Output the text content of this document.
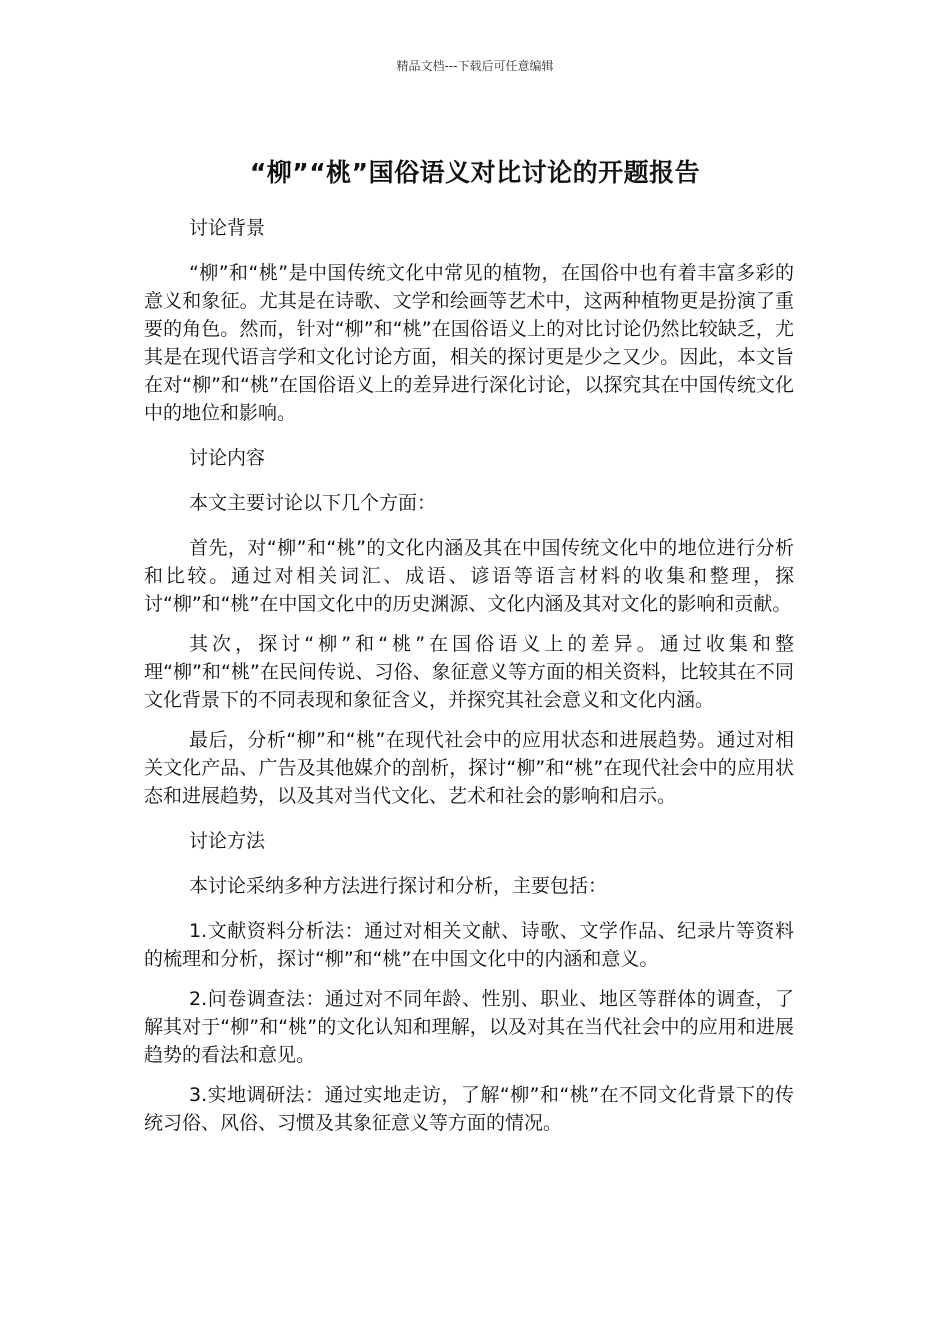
精品文档---下载后可任意编辑
“柳”“桃”国俗语义对比讨论的开题报告
讨论背景

“柳”和“桃”是中国传统文化中常见的植物，在国俗中也有着丰富多彩的意义和象征。尤其是在诗歌、文学和绘画等艺术中，这两种植物更是扮演了重要的角色。然而，针对“柳”和“桃”在国俗语义上的对比讨论仍然比较缺乏，尤其是在现代语言学和文化讨论方面，相关的探讨更是少之又少。因此，本文旨在对“柳”和“桃”在国俗语义上的差异进行深化讨论，以探究其在中国传统文化中的地位和影响。

讨论内容

本文主要讨论以下几个方面：

首先，对“柳”和“桃”的文化内涵及其在中国传统文化中的地位进行分析和比较。通过对相关词汇、成语、谚语等语言材料的收集和整理，探讨“柳”和“桃”在中国文化中的历史渊源、文化内涵及其对文化的影响和贡献。

其次，探讨“柳”和“桃”在国俗语义上的差异。通过收集和整理“柳”和“桃”在民间传说、习俗、象征意义等方面的相关资料，比较其在不同文化背景下的不同表现和象征含义，并探究其社会意义和文化内涵。

最后，分析“柳”和“桃”在现代社会中的应用状态和进展趋势。通过对相关文化产品、广告及其他媒介的剖析，探讨“柳”和“桃”在现代社会中的应用状态和进展趋势，以及其对当代文化、艺术和社会的影响和启示。

讨论方法

本讨论采纳多种方法进行探讨和分析，主要包括：

1.文献资料分析法：通过对相关文献、诗歌、文学作品、纪录片等资料的梳理和分析，探讨“柳”和“桃”在中国文化中的内涵和意义。

2.问卷调查法：通过对不同年龄、性别、职业、地区等群体的调查，了解其对于“柳”和“桃”的文化认知和理解，以及对其在当代社会中的应用和进展趋势的看法和意见。

3.实地调研法：通过实地走访，了解“柳”和“桃”在不同文化背景下的传统习俗、风俗、习惯及其象征意义等方面的情况。
